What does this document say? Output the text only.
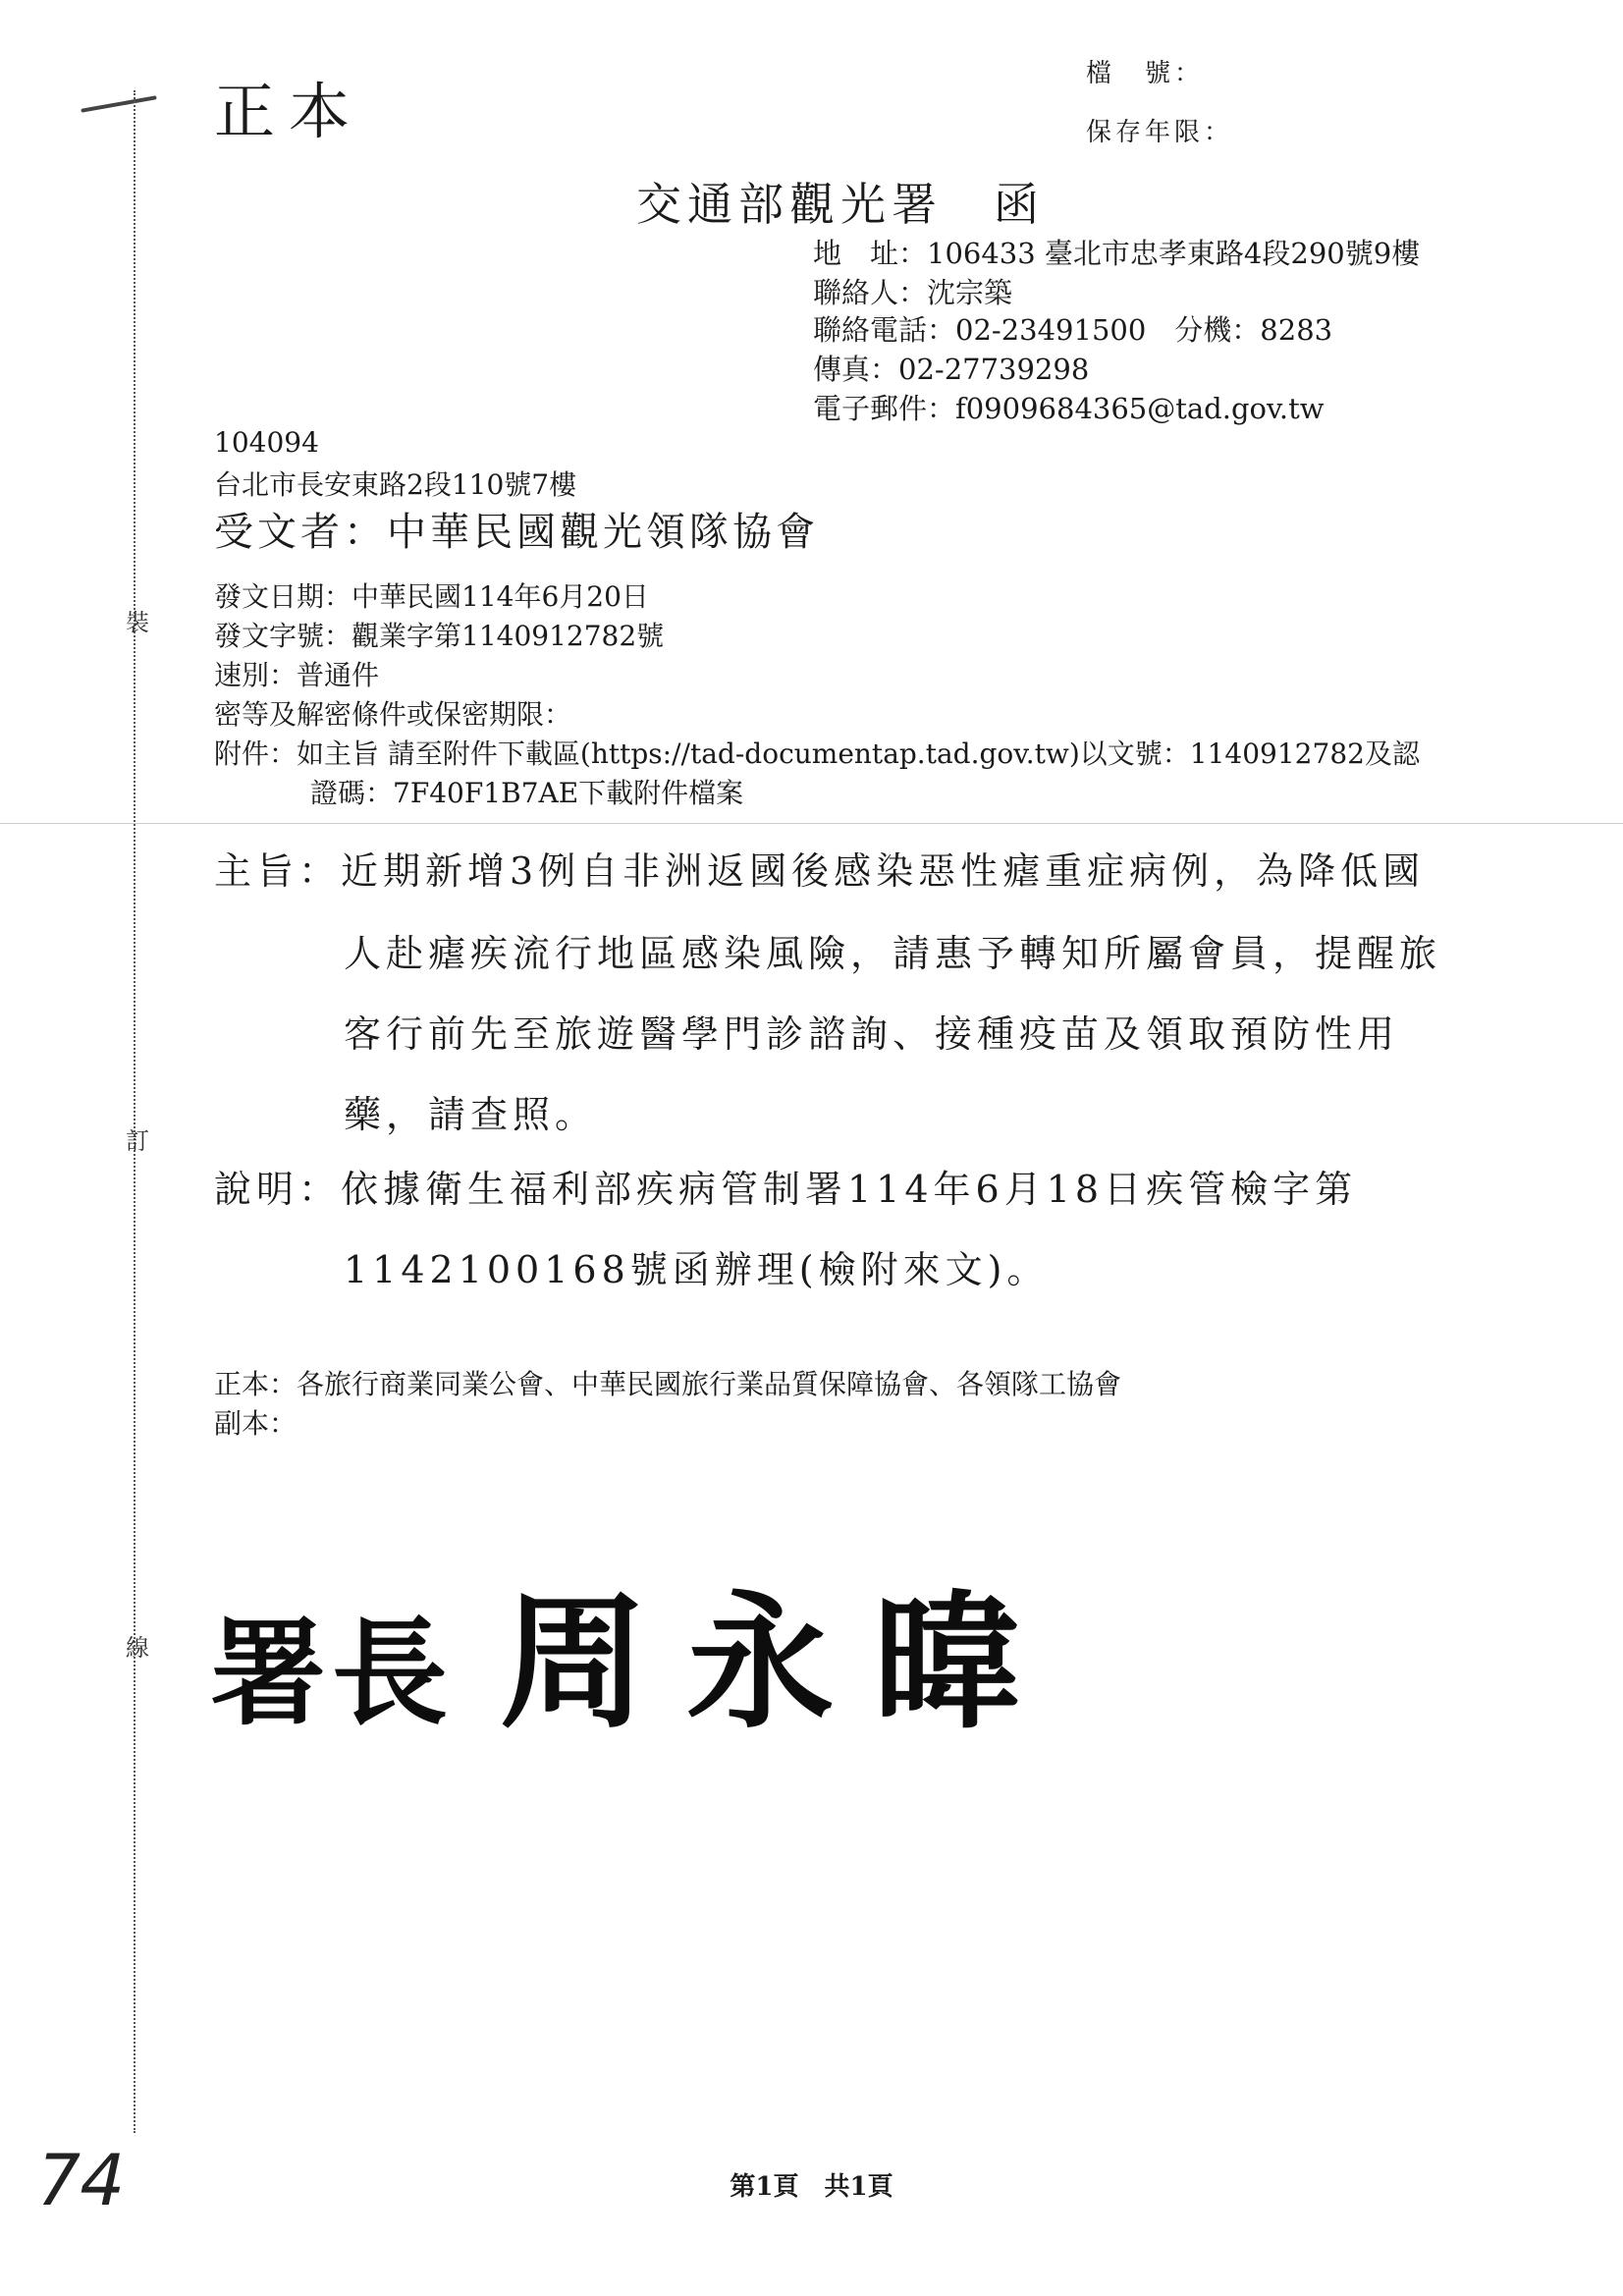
裝
訂
線
正本
檔　號：
保存年限：
交通部觀光署　函
地　址：106433 臺北市忠孝東路4段290號9樓
聯絡人：沈宗築
聯絡電話：02-23491500　分機：8283
傳真：02-27739298
電子郵件：f0909684365@tad.gov.tw
104094
台北市長安東路2段110號7樓
受文者：中華民國觀光領隊協會
發文日期：中華民國114年6月20日
發文字號：觀業字第1140912782號
速別：普通件
密等及解密條件或保密期限：
附件：如主旨 請至附件下載區(https://tad-documentap.tad.gov.tw)以文號：1140912782及認
證碼：7F40F1B7AE下載附件檔案
主旨：近期新增3例自非洲返國後感染惡性瘧重症病例，為降低國
人赴瘧疾流行地區感染風險，請惠予轉知所屬會員，提醒旅
客行前先至旅遊醫學門診諮詢、接種疫苗及領取預防性用
藥，請查照。
說明：依據衛生福利部疾病管制署114年6月18日疾管檢字第
1142100168號函辦理(檢附來文)。
正本：各旅行商業同業公會、中華民國旅行業品質保障協會、各領隊工協會
副本：
署長 周永暐
74	第1頁　共1頁
